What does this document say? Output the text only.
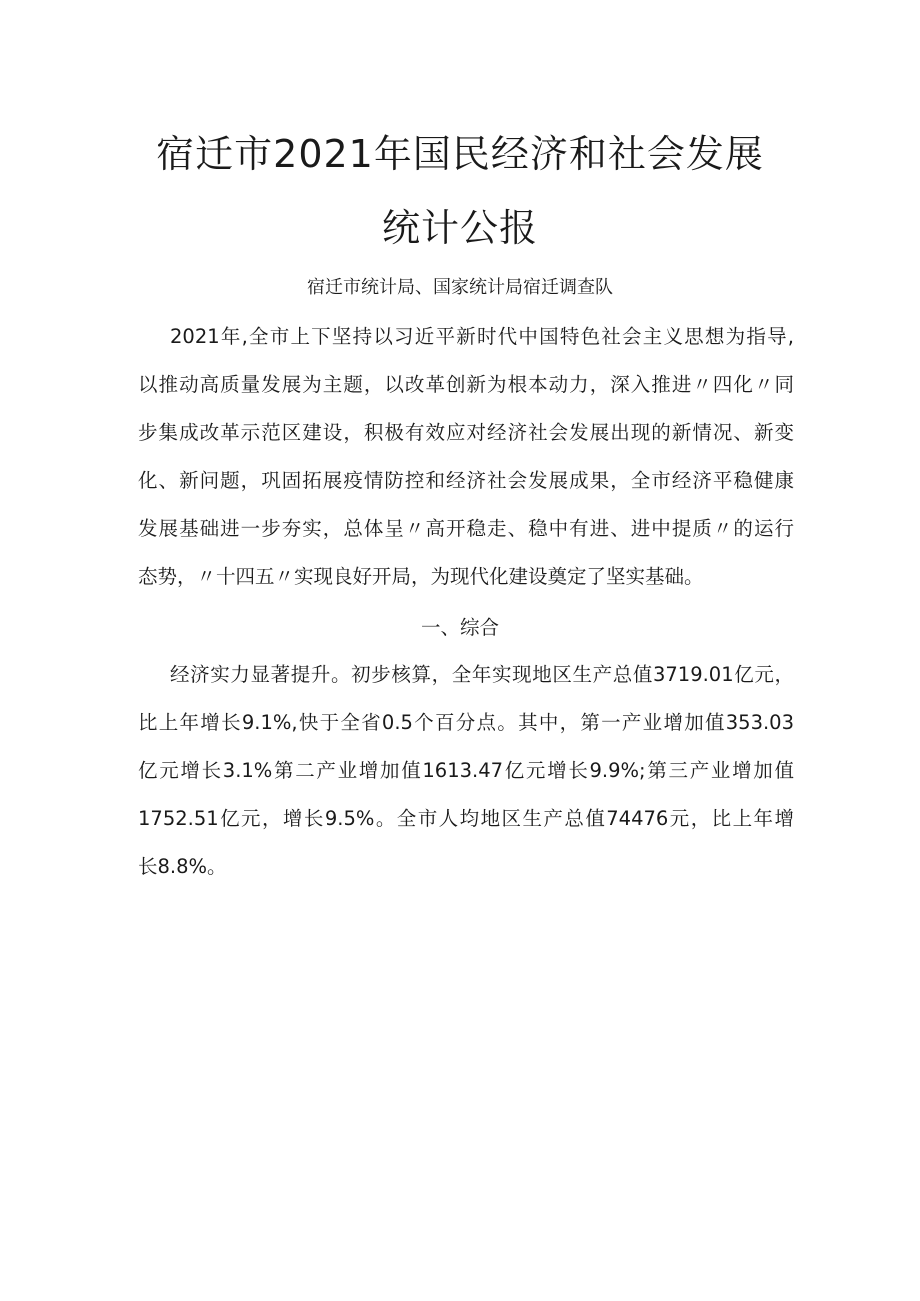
宿迁市2021年国民经济和社会发展
统计公报
宿迁市统计局、国家统计局宿迁调查队
2021年,全市上下坚持以习近平新时代中国特色社会主义思想为指导,
以推动高质量发展为主题，以改革创新为根本动力，深入推进〃四化〃同
步集成改革示范区建设，积极有效应对经济社会发展出现的新情况、新变
化、新问题，巩固拓展疫情防控和经济社会发展成果，全市经济平稳健康
发展基础进一步夯实，总体呈〃高开稳走、稳中有进、进中提质〃的运行
态势，〃十四五〃实现良好开局，为现代化建设奠定了坚实基础。
一、综合
经济实力显著提升。初步核算，全年实现地区生产总值3719.01亿元，
比上年增长9.1%,快于全省0.5个百分点。其中，第一产业增加值353.03
亿元增长3.1%第二产业增加值1613.47亿元增长9.9%;第三产业增加值
1752.51亿元，增长9.5%。全市人均地区生产总值74476元，比上年增
长8.8%。
